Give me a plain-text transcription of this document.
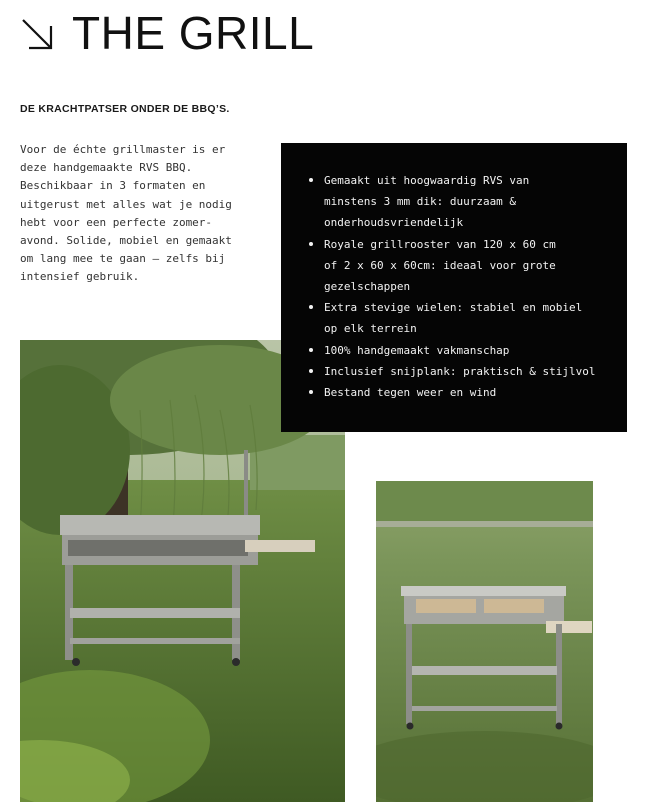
THE GRILL
DE KRACHTPATSER ONDER DE BBQ’S.

Voor de échte grillmaster is er
deze handgemaakte RVS BBQ.
Beschikbaar in 3 formaten en
uitgerust met alles wat je nodig
hebt voor een perfecte zomer-
avond. Solide, mobiel en gemaakt
om lang mee te gaan – zelfs bij
intensief gebruik.

Gemaakt uit hoogwaardig RVS van
minstens 3 mm dik: duurzaam &
onderhoudsvriendelijk
Royale grillrooster van 120 x 60 cm
of 2 x 60 x 60cm: ideaal voor grote
gezelschappen
Extra stevige wielen: stabiel en mobiel
op elk terrein
100% handgemaakt vakmanschap
Inclusief snijplank: praktisch & stijlvol
Bestand tegen weer en wind
